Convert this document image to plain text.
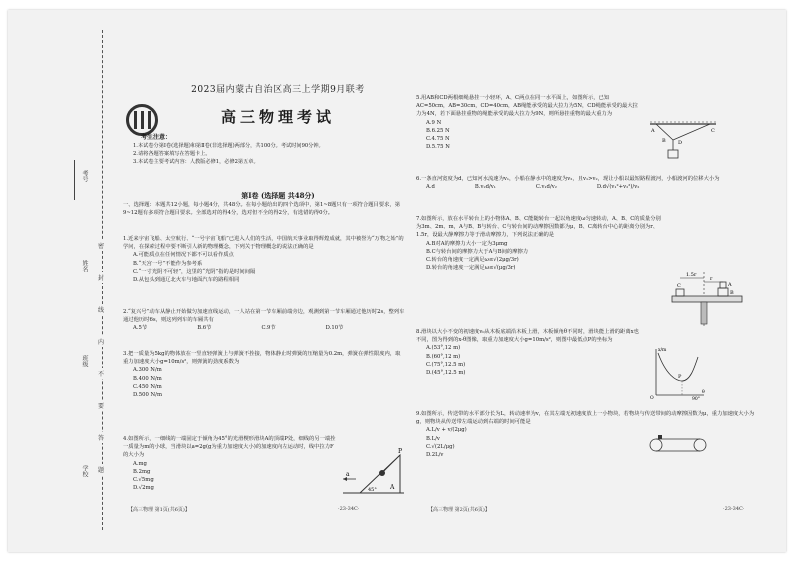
考号
姓名
班级
学校
密
封
线
内
不
要
答
题
2023届内蒙古自治区高三上学期9月联考
高三物理考试
考生注意：
1.本试卷分第Ⅰ卷(选择题)和第Ⅱ卷(非选择题)两部分，共100分。考试时间90分钟。
2.请将各题答案填写在答题卡上。
3.本试卷主要考试内容：人教版必修1，必修2第五章。
第Ⅰ卷 (选择题 共48分)
一、选择题：本题共12小题，每小题4分，共48分。在每小题给出的四个选项中，第1~8题只有一项符合题目要求，第9~12题有多项符合题目要求。全部选对的得4分，选对但不全的得2分，有选错的得0分。
1.近来宇宙飞船、太空航行、“一号宇宙飞船”已进入人们的生活，中国航天事业取得辉煌成就，其中被誉为“万物之始”的学问，在探索过程中要不断引人新的物理概念，下列关于物理概念的说法正确的是
A.可能质点在任何情况下都不可以看作质点
B.“天宫一号”不能作为参考系
C.“一寸光阴不可轻”，这里的“光阴”指的是时间间隔
D.从包头到通辽北火车与地面汽车的路程相同
2.“复兴号”动车从静止开始做匀加速直线运动，一人站在第一节车厢前端旁边，观测到第一节车厢通过他历时2s，整列车通过他历时6s，则这列列车的车厢共有
A.5节	B.6节	C.9节	D.10节
3.把一质量为5kg的物体放在一竖直轻弹簧上与弹簧不拴接，物体静止时弹簧的压缩量为0.2m，弹簧在弹性限度内，取重力加速度大小g=10m/s²，则弹簧的劲度系数为
A.300 N/m
B.400 N/m
C.450 N/m
D.500 N/m
4.如图所示，一细线的一端固定于倾角为45°的光滑楔形滑块A的顶端P处，细线的另一端拴一质量为m的小球，当滑块以a=2g(g为重力加速度大小)的加速度向左运动时，线中拉力F的大小为
A.mg
B.2mg
C.√5mg
D.√2mg
P
a
A
45°
5.用AB和CD两根细绳悬挂一小轻环，A、C两点在同一水平面上，如图所示，已知AC=50cm，AB=30cm，CD=40cm，AB绳能承受的最大拉力为5N，CD绳能承受的最大拉力为4N，若下面悬挂重物的绳能承受的最大拉力为9N，则所悬挂重物的最大重力为
A.9 N
B.6.25 N
C.4.75 N
D.5.75 N
A
B
C
D
6.一条直河宽度为d，已知河水流速为v₁，小船在静水中的速度为v₂，且v₁>v₂，现让小船以最短路程渡河，小船渡河的位移大小为
A.d	B.v₂d/v₁	C.v₁d/v₂	D.d√(v₁²+v₂²)/v₂
7.如图所示，放在水平转台上的小物体A、B、C能随转台一起以角速度ω匀速转动，A、B、C的质量分别为3m、2m、m，A与B、B与转台、C与转台间的动摩擦因数都为μ，B、C离转台中心的距离分别为r、1.5r，设最大静摩擦力等于滑动摩擦力，下列说法正确的是
A.B对A的摩擦力大小一定为3μmg
B.C与转台间的摩擦力大于A与B间的摩擦力
C.转台的角速度一定满足ω≤√(2μg/3r)
D.转台的角速度一定满足ω≤√(μg/3r)
1.5r
r
C
B
A
8.滑块以大小不变的初速度v₀从木板底端沿木板上滑，木板倾角θ不同时，滑块能上滑的距离x也不同，图为得到的x-θ图像，取重力加速度大小g=10m/s²，则图中最低点P的坐标为
A.(53°,12 m)
B.(60°,12 m)
C.(75°,12.5 m)
D.(45°,12.5 m)
x/m
P
O	90°
θ
9.如图所示，传送带的水平部分长为L，转动速率为v，在其左端无初速度放上一小物块，若物块与传送带间的动摩擦因数为μ，重力加速度大小为g，则物块从传送带左端运动到右端的时间可能是
A.L/v + v/(2μg)
B.L/v
C.√(2L/μg)
D.2L/v
【高三物理 第1页(共6页)】	·23-34C·	【高三物理 第2页(共6页)】	·23-34C·
